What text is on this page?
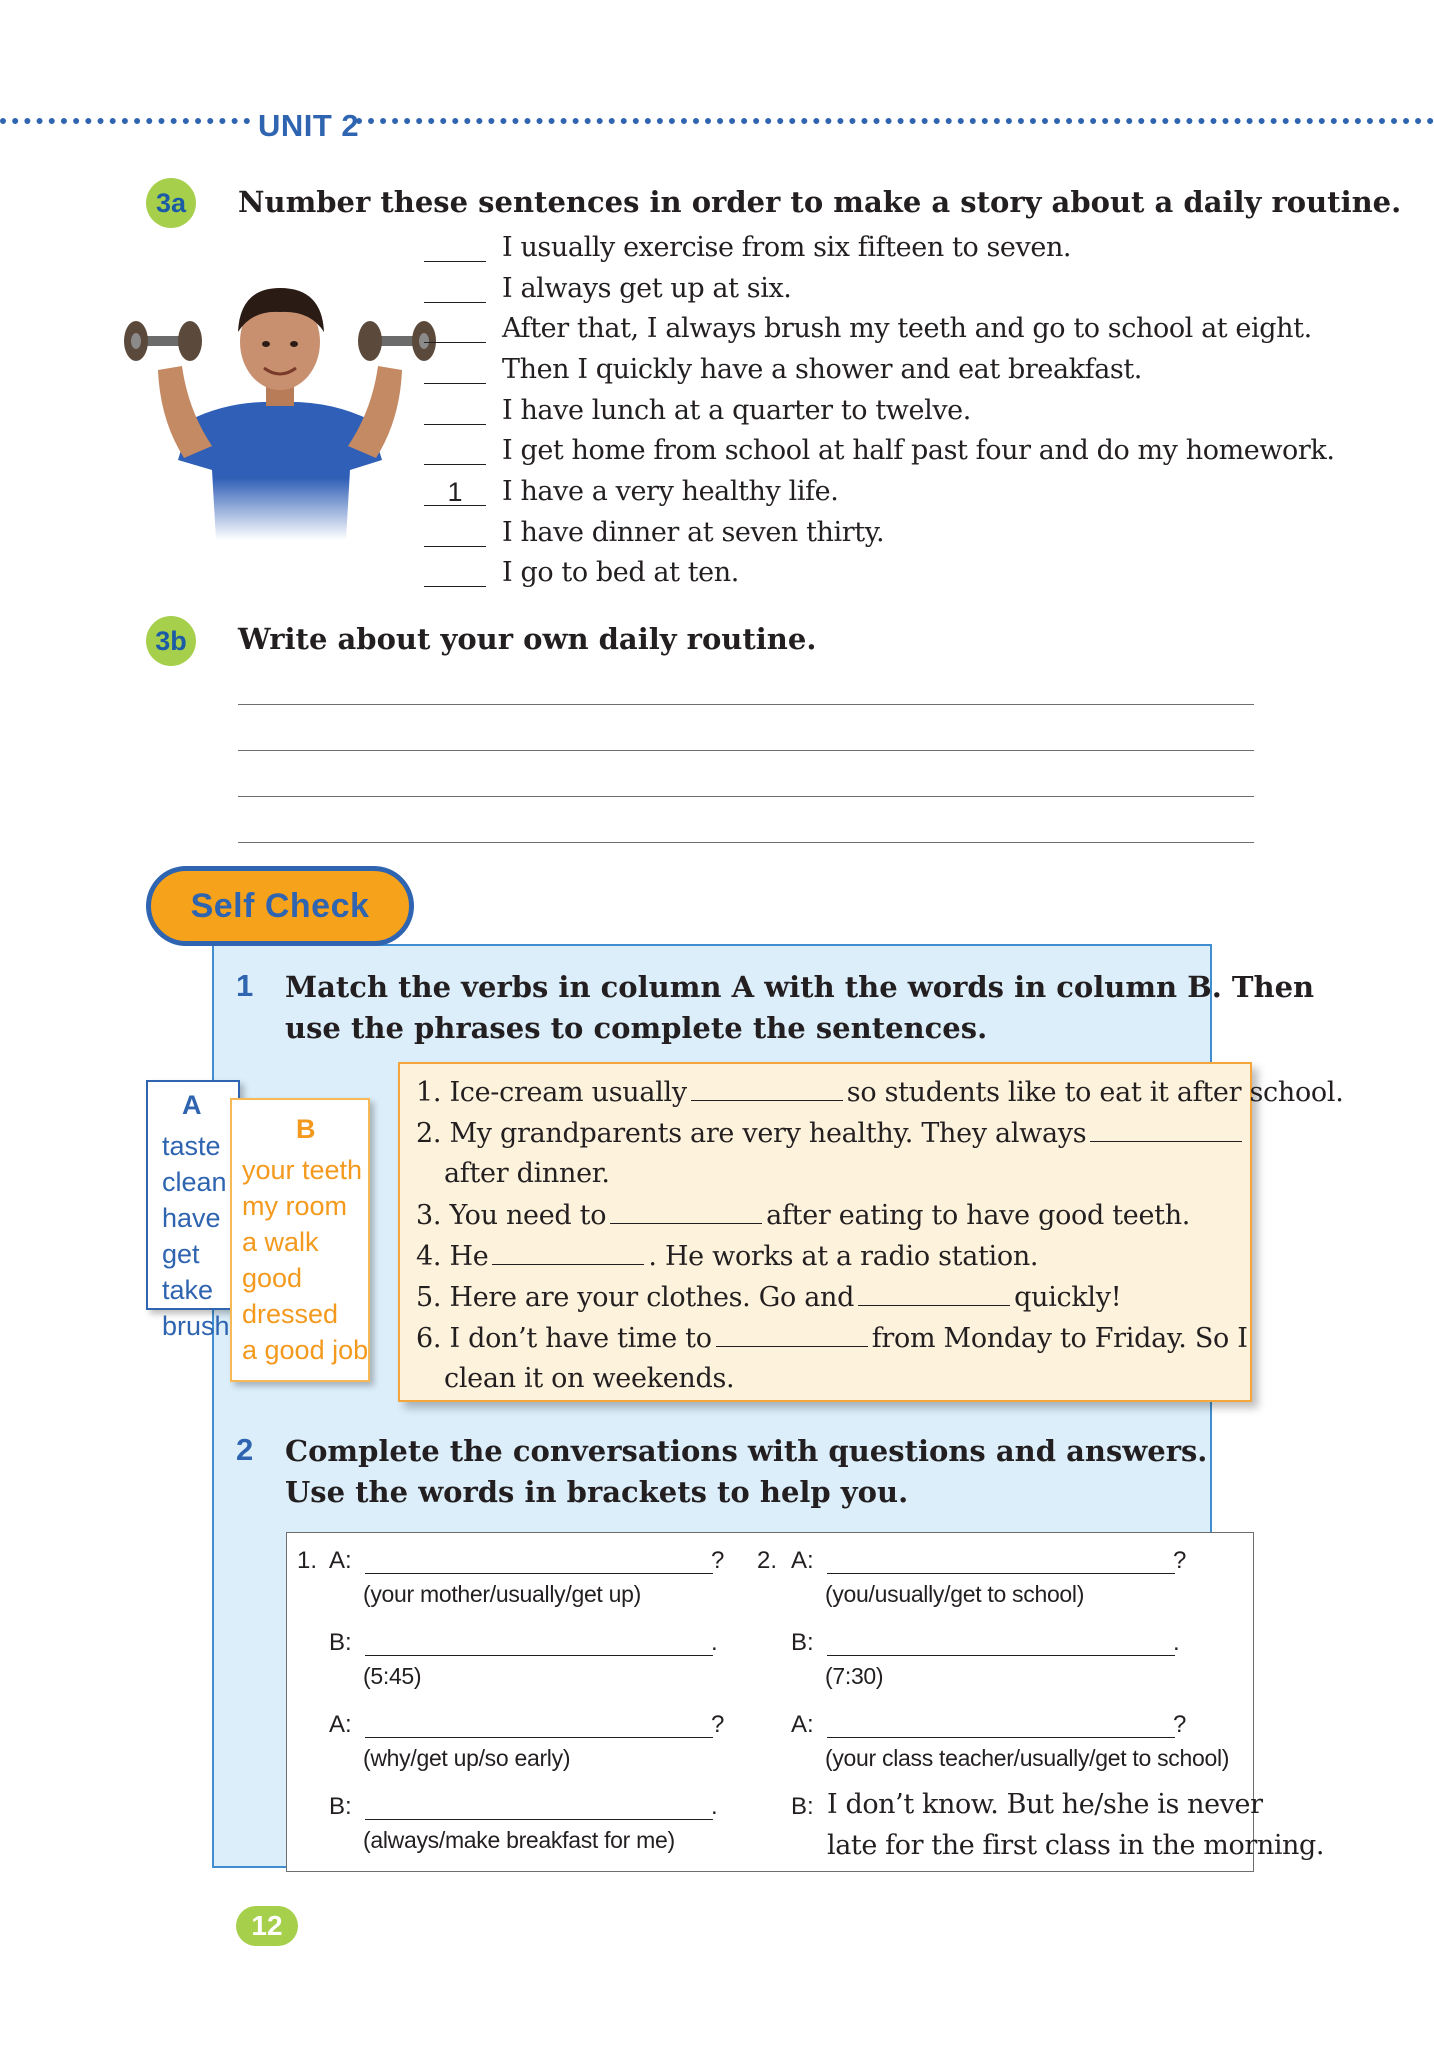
UNIT 2
3a	Number these sentences in order to make a story about a daily routine.
I usually exercise from six fifteen to seven.
I always get up at six.
After that, I always brush my teeth and go to school at eight.
Then I quickly have a shower and eat breakfast.
I have lunch at a quarter to twelve.
I get home from school at half past four and do my homework.
1	I have a very healthy life.
I have dinner at seven thirty.
I go to bed at ten.
3b	Write about your own daily routine.
Self Check
1 Match the verbs in column A with the words in column B. Then
use the phrases to complete the sentences.
A
taste
clean
have
get
take
brush
B
your teeth
my room
a walk
good
dressed
a good job
1. Ice-cream usually	so students like to eat it after school.
2. My grandparents are very healthy. They always
after dinner.
3. You need to	after eating to have good teeth.
4. He	. He works at a radio station.
5. Here are your clothes. Go and	quickly!
6. I don’t have time to	from Monday to Friday. So I
clean it on weekends.
2 Complete the conversations with questions and answers.
Use the words in brackets to help you.
1. A:	?
(your mother/usually/get up)
B:	.
(5:45)
A:	?
(why/get up/so early)
B:	.
(always/make breakfast for me)
2. A:	?
(you/usually/get to school)
B:	.
(7:30)
A:	?
(your class teacher/usually/get to school)
B: I don’t know. But he/she is never
late for the first class in the morning.
12
